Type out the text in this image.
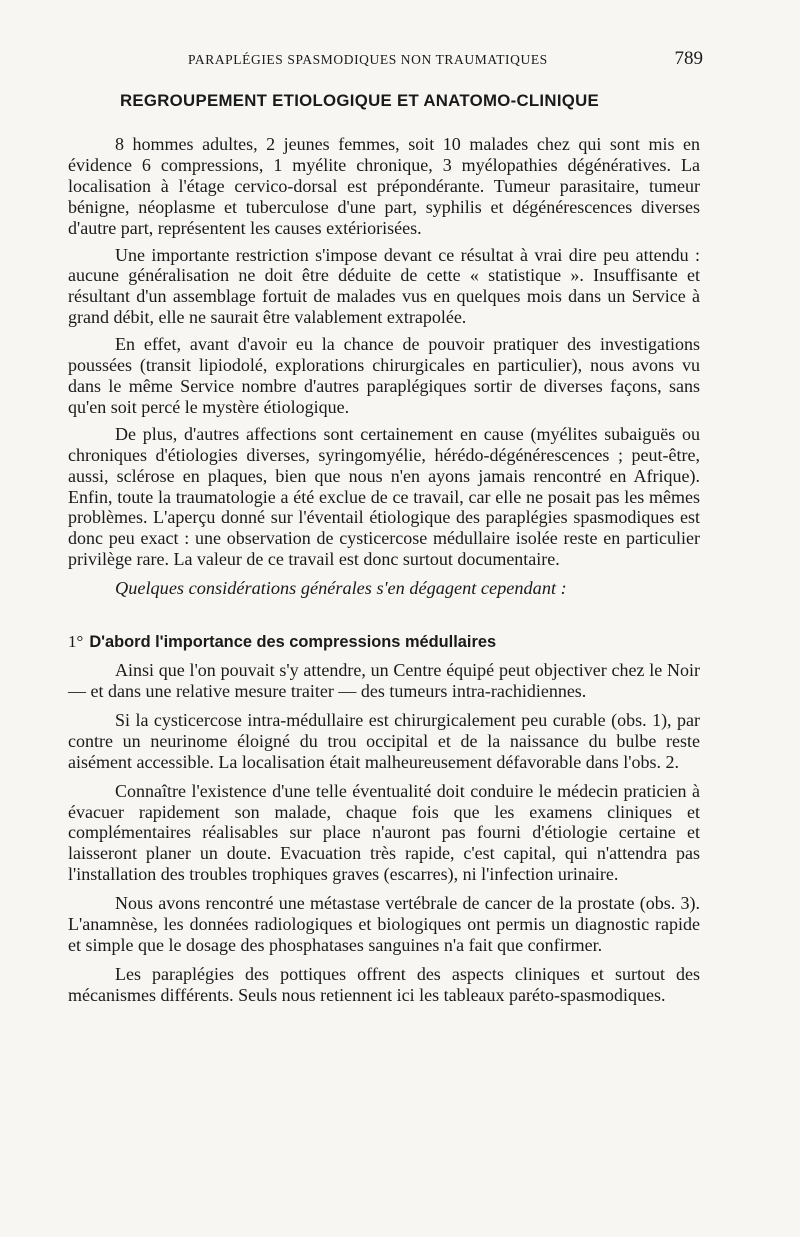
PARAPLÉGIES SPASMODIQUES NON TRAUMATIQUES	789
REGROUPEMENT ETIOLOGIQUE ET ANATOMO-CLINIQUE

8 hommes adultes, 2 jeunes femmes, soit 10 malades chez qui sont mis en évidence 6 compressions, 1 myélite chronique, 3 myélopathies dégénératives. La localisation à l'étage cervico-dorsal est prépondérante. Tumeur parasitaire, tumeur bénigne, néoplasme et tuberculose d'une part, syphilis et dégénérescences diverses d'autre part, représentent les causes extériorisées.

Une importante restriction s'impose devant ce résultat à vrai dire peu attendu : aucune généralisation ne doit être déduite de cette « statistique ». Insuffisante et résultant d'un assemblage fortuit de malades vus en quelques mois dans un Service à grand débit, elle ne saurait être valablement extrapolée.

En effet, avant d'avoir eu la chance de pouvoir pratiquer des investigations poussées (transit lipiodolé, explorations chirurgicales en particulier), nous avons vu dans le même Service nombre d'autres paraplégiques sortir de diverses façons, sans qu'en soit percé le mystère étiologique.

De plus, d'autres affections sont certainement en cause (myélites subaiguës ou chroniques d'étiologies diverses, syringomyélie, hérédo-dégénérescences ; peut-être, aussi, sclérose en plaques, bien que nous n'en ayons jamais rencontré en Afrique). Enfin, toute la traumatologie a été exclue de ce travail, car elle ne posait pas les mêmes problèmes. L'aperçu donné sur l'éventail étiologique des paraplégies spasmodiques est donc peu exact : une observation de cysticercose médullaire isolée reste en particulier privilège rare. La valeur de ce travail est donc surtout documentaire.

Quelques considérations générales s'en dégagent cependant :

1° D'abord l'importance des compressions médullaires

Ainsi que l'on pouvait s'y attendre, un Centre équipé peut objectiver chez le Noir — et dans une relative mesure traiter — des tumeurs intra-rachidiennes.

Si la cysticercose intra-médullaire est chirurgicalement peu curable (obs. 1), par contre un neurinome éloigné du trou occipital et de la naissance du bulbe reste aisément accessible. La localisation était malheureusement défavorable dans l'obs. 2.

Connaître l'existence d'une telle éventualité doit conduire le médecin praticien à évacuer rapidement son malade, chaque fois que les examens cliniques et complémentaires réalisables sur place n'auront pas fourni d'étiologie certaine et laisseront planer un doute. Evacuation très rapide, c'est capital, qui n'attendra pas l'installation des troubles trophiques graves (escarres), ni l'infection urinaire.

Nous avons rencontré une métastase vertébrale de cancer de la prostate (obs. 3). L'anamnèse, les données radiologiques et biologiques ont permis un diagnostic rapide et simple que le dosage des phosphatases sanguines n'a fait que confirmer.

Les paraplégies des pottiques offrent des aspects cliniques et surtout des mécanismes différents. Seuls nous retiennent ici les tableaux paréto-spasmodiques.
